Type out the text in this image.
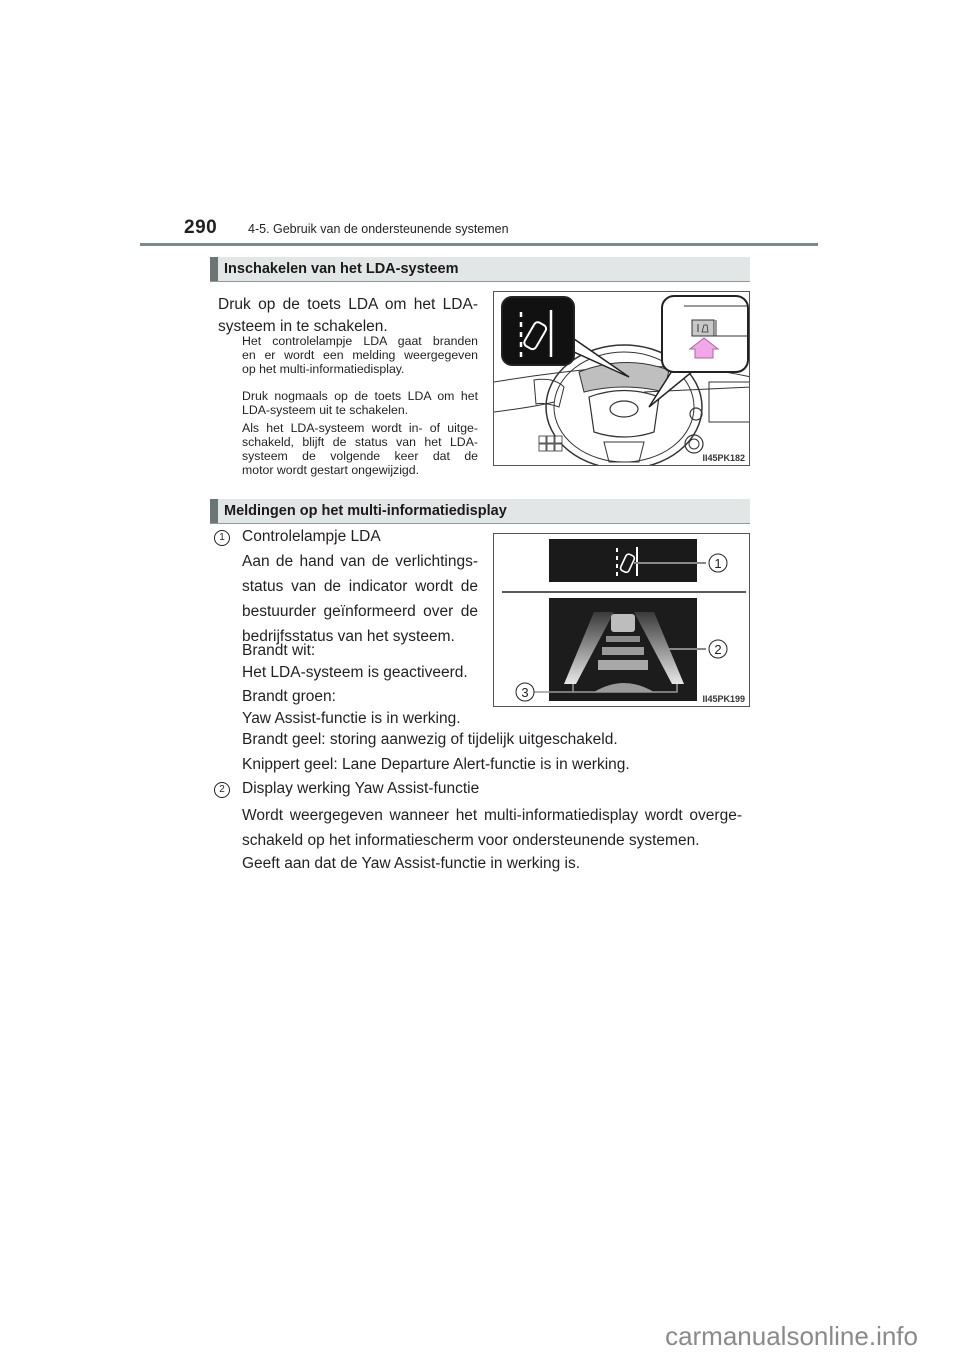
290 4-5. Gebruik van de ondersteunende systemen
Inschakelen van het LDA-systeem
Druk op de toets LDA om het LDA-
systeem in te schakelen.
Het controlelampje LDA gaat branden
en er wordt een melding weergegeven
op het multi-informatiedisplay.
Druk nogmaals op de toets LDA om het
LDA-systeem uit te schakelen.
Als het LDA-systeem wordt in- of uitge-
schakeld, blijft de status van het LDA-
systeem de volgende keer dat de
motor wordt gestart ongewijzigd.
II45PK182
Meldingen op het multi-informatiedisplay
1	Controlelampje LDA
Aan de hand van de verlichtings-
status van de indicator wordt de
bestuurder geïnformeerd over de
bedrijfsstatus van het systeem.
Brandt wit:
Het LDA-systeem is geactiveerd.
Brandt groen:
Yaw Assist-functie is in werking.
Brandt geel: storing aanwezig of tijdelijk uitgeschakeld.
Knippert geel: Lane Departure Alert-functie is in werking.
2	Display werking Yaw Assist-functie
Wordt weergegeven wanneer het multi-informatiedisplay wordt overge-
schakeld op het informatiescherm voor ondersteunende systemen.
Geeft aan dat de Yaw Assist-functie in werking is.
1
2
3	II45PK199
carmanualsonline.info
